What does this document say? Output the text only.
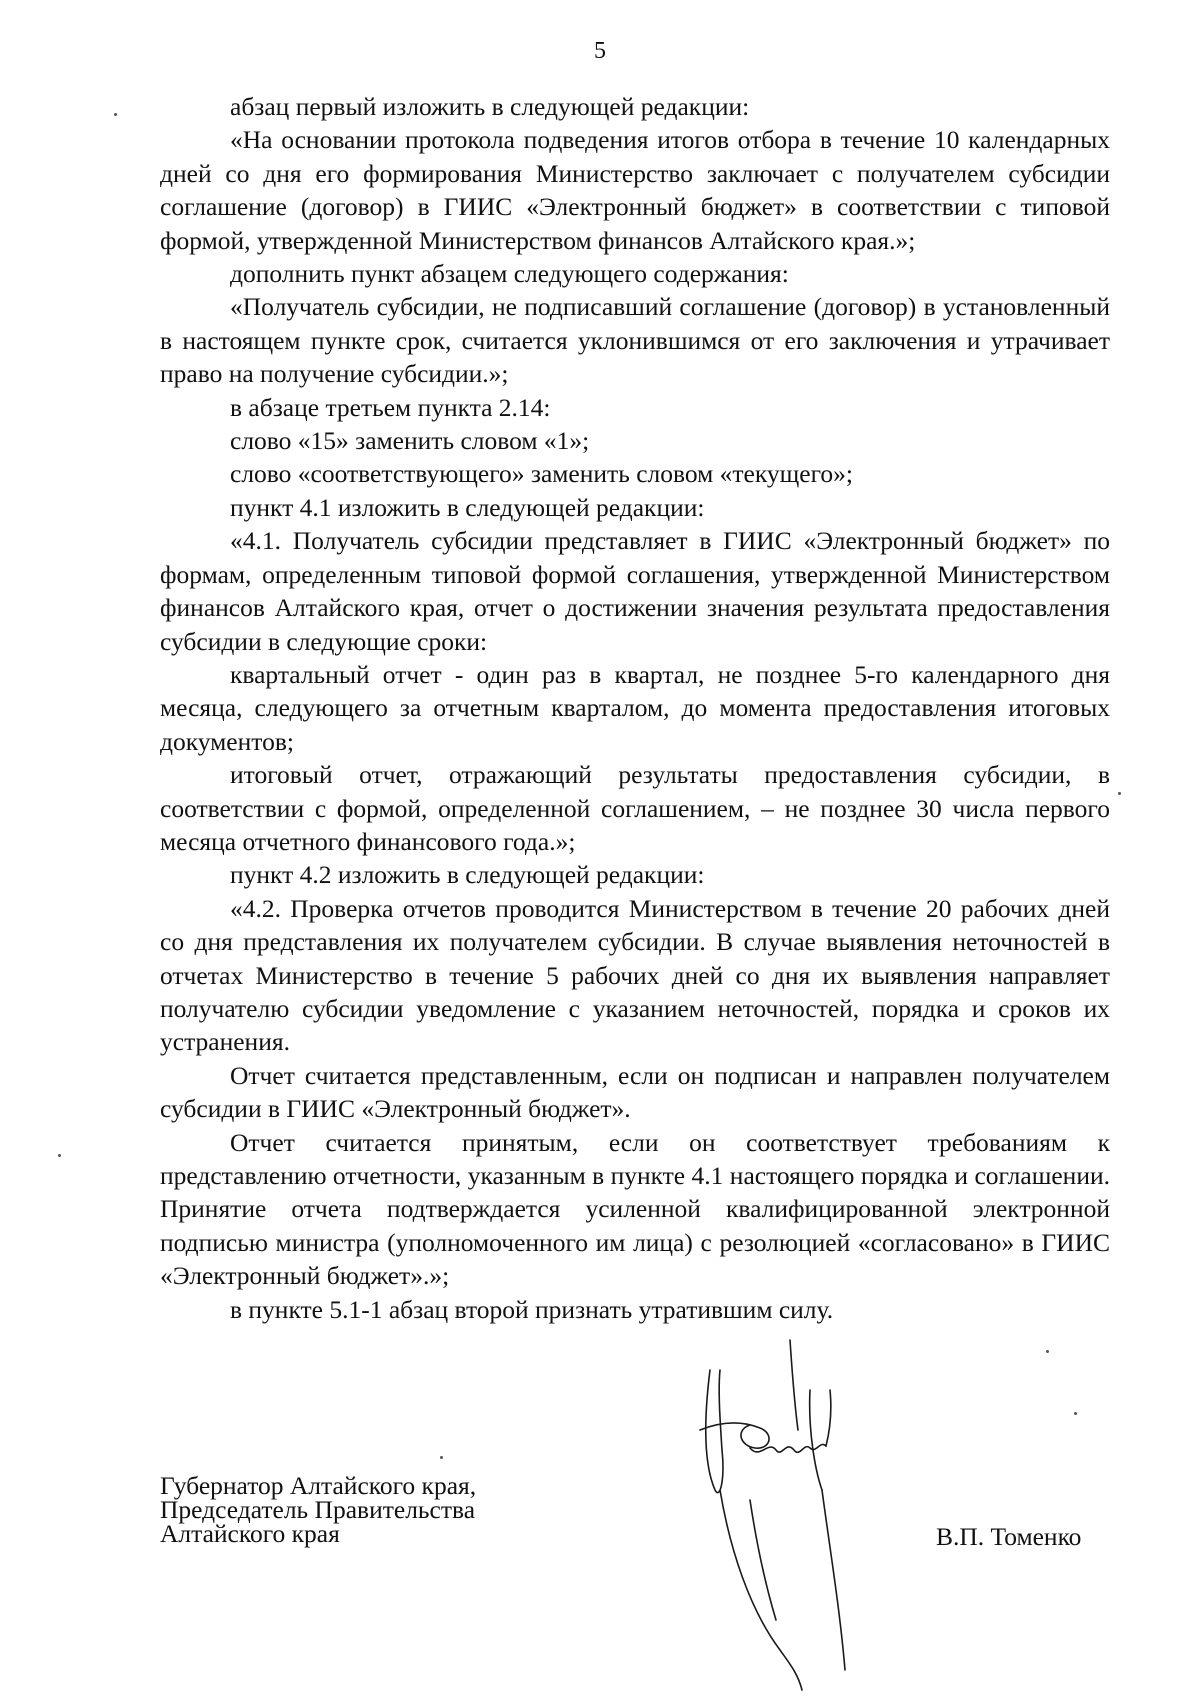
5

абзац первый изложить в следующей редакции:

«На основании протокола подведения итогов отбора в течение 10 календарных дней со дня его формирования Министерство заключает с получателем субсидии соглашение (договор) в ГИИС «Электронный бюджет» в соответствии с типовой формой, утвержденной Министерством финансов Алтайского края.»;

дополнить пункт абзацем следующего содержания:

«Получатель субсидии, не подписавший соглашение (договор) в установленный в настоящем пункте срок, считается уклонившимся от его заключения и утрачивает право на получение субсидии.»;

в абзаце третьем пункта 2.14:

слово «15» заменить словом «1»;

слово «соответствующего» заменить словом «текущего»;

пункт 4.1 изложить в следующей редакции:

«4.1. Получатель субсидии представляет в ГИИС «Электронный бюджет» по формам, определенным типовой формой соглашения, утвержденной Министерством финансов Алтайского края, отчет о достижении значения результата предоставления субсидии в следующие сроки:

квартальный отчет - один раз в квартал, не позднее 5-го календарного дня месяца, следующего за отчетным кварталом, до момента предоставления итоговых документов;

итоговый отчет, отражающий результаты предоставления субсидии, в соответствии с формой, определенной соглашением, – не позднее 30 числа первого месяца отчетного финансового года.»;

пункт 4.2 изложить в следующей редакции:

«4.2. Проверка отчетов проводится Министерством в течение 20 рабочих дней со дня представления их получателем субсидии. В случае выявления неточностей в отчетах Министерство в течение 5 рабочих дней со дня их выявления направляет получателю субсидии уведомление с указанием неточностей, порядка и сроков их устранения.

Отчет считается представленным, если он подписан и направлен получателем субсидии в ГИИС «Электронный бюджет».

Отчет считается принятым, если он соответствует требованиям к представлению отчетности, указанным в пункте 4.1 настоящего порядка и соглашении. Принятие отчета подтверждается усиленной квалифицированной электронной подписью министра (уполномоченного им лица) с резолюцией «согласовано» в ГИИС «Электронный бюджет».»;

в пункте 5.1-1 абзац второй признать утратившим силу.

Губернатор Алтайского края,
Председатель Правительства
Алтайского края	В.П. Томенко
